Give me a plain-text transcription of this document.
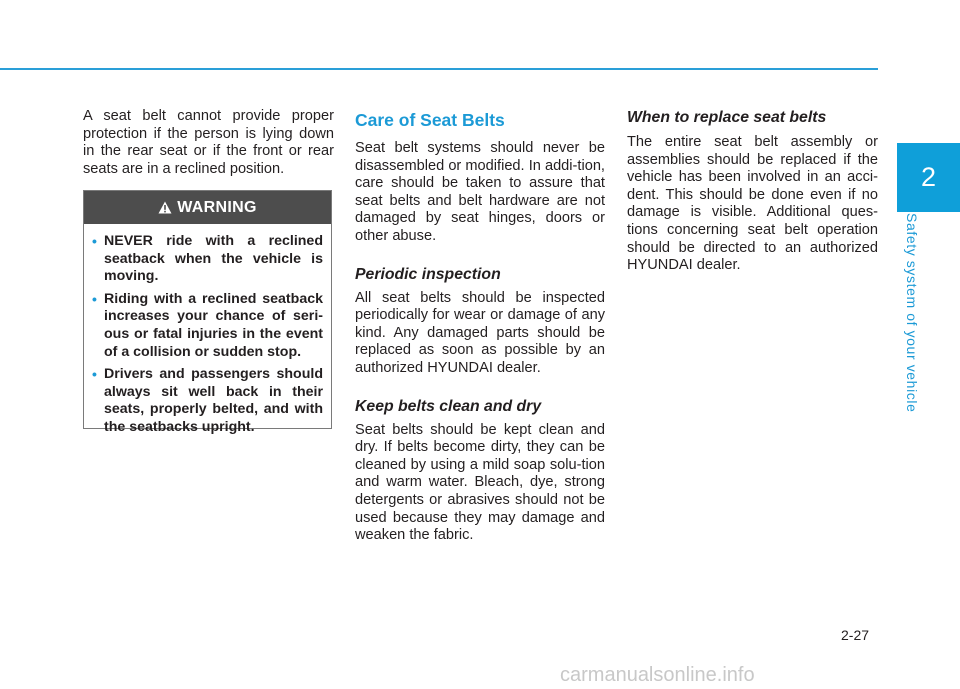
2
Safety system of your vehicle

A seat belt cannot provide proper protection if the person is lying down in the rear seat or if the front or rear seats are in a reclined position.

WARNING
• NEVER ride with a reclined seatback when the vehicle is moving.
• Riding with a reclined seatback increases your chance of seri-ous or fatal injuries in the event of a collision or sudden stop.
• Drivers and passengers should always sit well back in their seats, properly belted, and with the seatbacks upright.
Care of Seat Belts

Seat belt systems should never be disassembled or modified. In addi-tion, care should be taken to assure that seat belts and belt hardware are not damaged by seat hinges, doors or other abuse.

Periodic inspection

All seat belts should be inspected periodically for wear or damage of any kind. Any damaged parts should be replaced as soon as possible by an authorized HYUNDAI dealer.

Keep belts clean and dry

Seat belts should be kept clean and dry. If belts become dirty, they can be cleaned by using a mild soap solu-tion and warm water. Bleach, dye, strong detergents or abrasives should not be used because they may damage and weaken the fabric.

When to replace seat belts

The entire seat belt assembly or assemblies should be replaced if the vehicle has been involved in an acci-dent. This should be done even if no damage is visible. Additional ques-tions concerning seat belt operation should be directed to an authorized HYUNDAI dealer.

2-27
carmanualsonline.info
